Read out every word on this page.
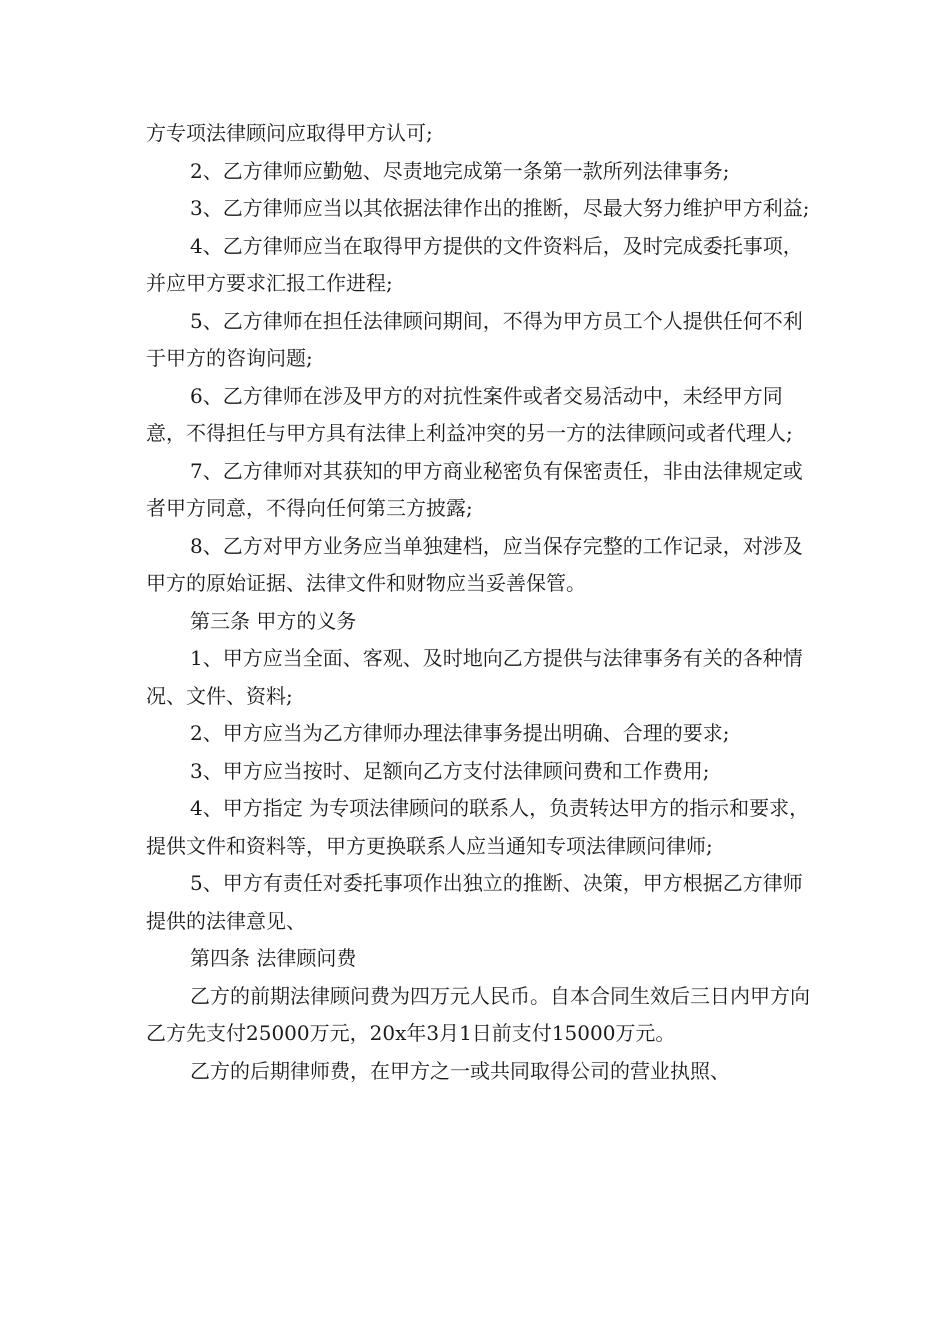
方专项法律顾问应取得甲方认可;

2、乙方律师应勤勉、尽责地完成第一条第一款所列法律事务;

3、乙方律师应当以其依据法律作出的推断，尽最大努力维护甲方利益;

4、乙方律师应当在取得甲方提供的文件资料后，及时完成委托事项，并应甲方要求汇报工作进程;

5、乙方律师在担任法律顾问期间，不得为甲方员工个人提供任何不利于甲方的咨询问题;

6、乙方律师在涉及甲方的对抗性案件或者交易活动中，未经甲方同意，不得担任与甲方具有法律上利益冲突的另一方的法律顾问或者代理人;

7、乙方律师对其获知的甲方商业秘密负有保密责任，非由法律规定或者甲方同意，不得向任何第三方披露;

8、乙方对甲方业务应当单独建档，应当保存完整的工作记录，对涉及甲方的原始证据、法律文件和财物应当妥善保管。

第三条 甲方的义务

1、甲方应当全面、客观、及时地向乙方提供与法律事务有关的各种情况、文件、资料;

2、甲方应当为乙方律师办理法律事务提出明确、合理的要求;

3、甲方应当按时、足额向乙方支付法律顾问费和工作费用;

4、甲方指定 为专项法律顾问的联系人，负责转达甲方的指示和要求，提供文件和资料等，甲方更换联系人应当通知专项法律顾问律师;

5、甲方有责任对委托事项作出独立的推断、决策，甲方根据乙方律师提供的法律意见、

第四条 法律顾问费

乙方的前期法律顾问费为四万元人民币。自本合同生效后三日内甲方向乙方先支付25000万元，20x年3月1日前支付15000万元。

乙方的后期律师费，在甲方之一或共同取得公司的营业执照、
